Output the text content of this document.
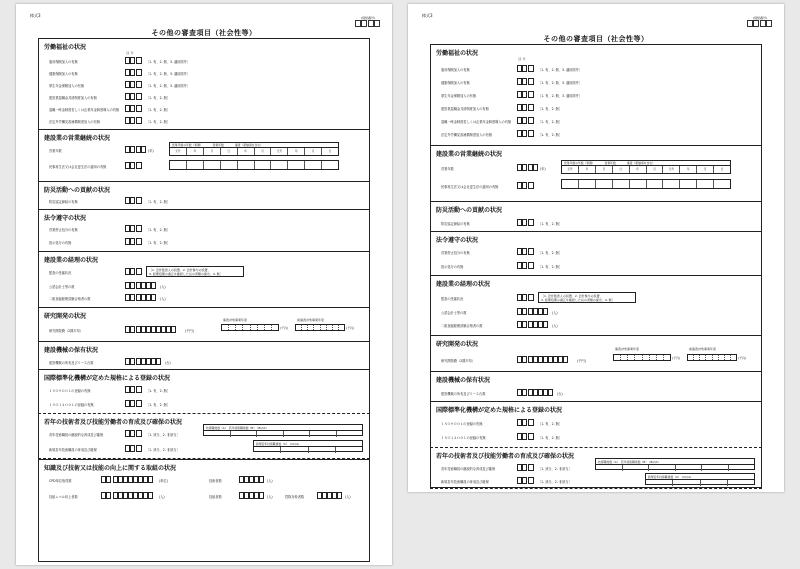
様式3	(別紙番号)
その他の審査項目（社会性等）
労働福祉の状況
区 分
雇用保険加入の有無	［1. 有、2. 無、3. 適用除外］
健康保険加入の有無	［1. 有、2. 無、3. 適用除外］
厚生年金保険加入の有無	［1. 有、2. 無、3. 適用除外］
建設業退職金共済制度加入の有無	［1. 有、2. 無］
退職一時金制度若しくは企業年金制度導入の有無	［1. 有、2. 無］
法定外労働災害補償制度加入の有無	［1. 有、2. 無］
建設業の営業継続の状況
営業年数	(年)
営業年数の年数（和暦）　　　　	営業年数　　　　	審査（新継承を含む）
元号	年	月	日	年	月	元号	年	月	日
民事再生法又は会社更生法の適用の有無
防災活動への貢献の状況
防災協定締結の有無	［1. 有、2. 無］
法令遵守の状況
営業停止処分の有無	［1. 有、2. 無］
指示処分の有無	［1. 有、2. 無］
建設業の経理の状況
監査の受審状況
［1. 会計監査人の設置、2. 会計参与の設置、
3. 経理処理の適正を確認した旨の書類の提出、4. 無］
公認会計士等の数	(人)
二級登録経理試験合格者の数	(人)
研究開発の状況
研究開発費（2期平均）	(千円)
審査対象事業年度
(千円)
前審査対象事業年度
(千円)
建設機械の保有状況
建設機械の所有及びリース台数	(台)
国際標準化機構が定めた規格による登録の状況
ＩＳＯ９００１の登録の有無	［1. 有、2. 無］
ＩＳＯ１４００１の登録の有無	［1. 有、2. 無］
若年の技術者及び技能労働者の育成及び確保の状況
若年技術職員の継続的な育成及び確保	［1. 該当、2. 非該当］
新規若年技術職員の育成及び確保	［1. 該当、2. 非該当］
技術職員数（A）　 若年技術職員数（B）　 (B)/(A)
新規若年技術職員数（C）　 (C)/(A)
知識及び技術又は技能の向上に関する取組の状況
CPD単位取得数	(単位)	技術者数	(人)
技能レベル向上者数	(人)	技能者数	(人)	控除対象者数	(人)
様式3	(別紙番号)
その他の審査項目（社会性等）
労働福祉の状況
区 分
雇用保険加入の有無	［1. 有、2. 無、3. 適用除外］
健康保険加入の有無	［1. 有、2. 無、3. 適用除外］
厚生年金保険加入の有無	［1. 有、2. 無、3. 適用除外］
建設業退職金共済制度加入の有無	［1. 有、2. 無］
退職一時金制度若しくは企業年金制度導入の有無	［1. 有、2. 無］
法定外労働災害補償制度加入の有無	［1. 有、2. 無］
建設業の営業継続の状況
営業年数	(年)
営業年数の年数（和暦）　　　　	営業年数　　　　	審査（新継承を含む）
元号	年	月	日	年	月	元号	年	月	日
民事再生法又は会社更生法の適用の有無
防災活動への貢献の状況
防災協定締結の有無	［1. 有、2. 無］
法令遵守の状況
営業停止処分の有無	［1. 有、2. 無］
指示処分の有無	［1. 有、2. 無］
建設業の経理の状況
監査の受審状況
［1. 会計監査人の設置、2. 会計参与の設置、
3. 経理処理の適正を確認した旨の書類の提出、4. 無］
公認会計士等の数	(人)
二級登録経理試験合格者の数	(人)
研究開発の状況
研究開発費（2期平均）	(千円)
審査対象事業年度
(千円)
前審査対象事業年度
(千円)
建設機械の保有状況
建設機械の所有及びリース台数	(台)
国際標準化機構が定めた規格による登録の状況
ＩＳＯ９００１の登録の有無	［1. 有、2. 無］
ＩＳＯ１４００１の登録の有無	［1. 有、2. 無］
若年の技術者及び技能労働者の育成及び確保の状況
若年技術職員の継続的な育成及び確保	［1. 該当、2. 非該当］
新規若年技術職員の育成及び確保	［1. 該当、2. 非該当］
技術職員数（A）　 若年技術職員数（B）　 (B)/(A)
新規若年技術職員数（C）　 (C)/(A)
